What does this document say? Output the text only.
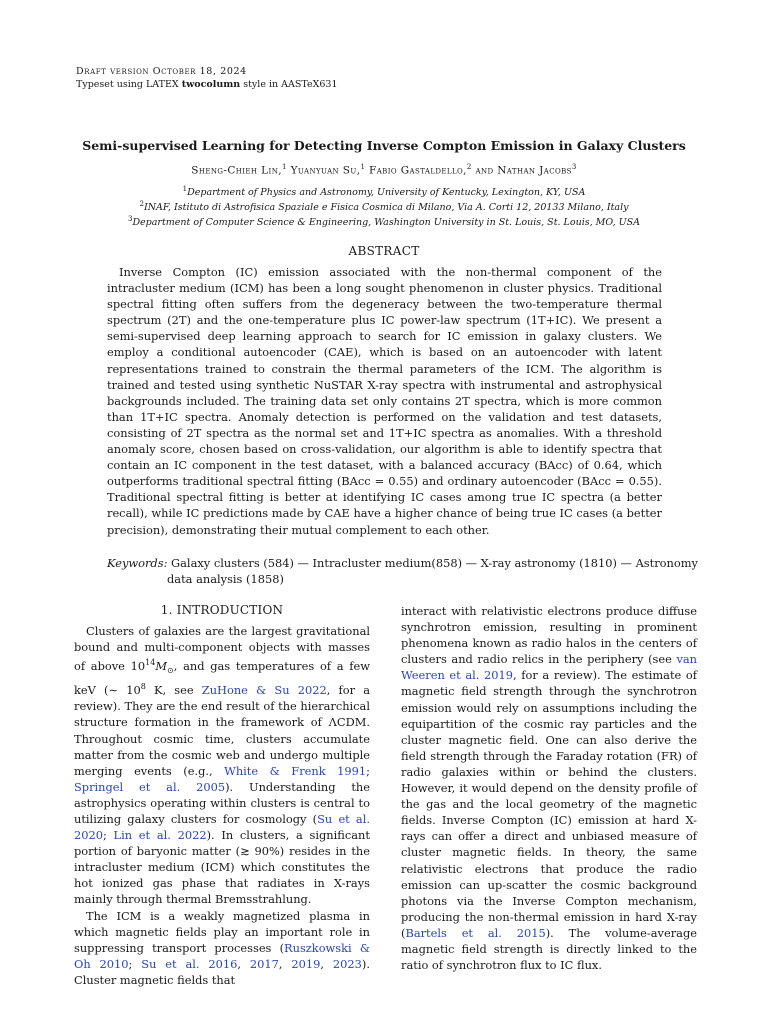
Draft version October 18, 2024
Typeset using LATEX twocolumn style in AASTeX631
Semi-supervised Learning for Detecting Inverse Compton Emission in Galaxy Clusters
Sheng-Chieh Lin,$^1$ Yuanyuan Su,$^1$ Fabio Gastaldello,$^2$ and Nathan Jacobs$^3$
$^1$Department of Physics and Astronomy, University of Kentucky, Lexington, KY, USA
$^2$INAF, Istituto di Astrofisica Spaziale e Fisica Cosmica di Milano, Via A. Corti 12, 20133 Milano, Italy
$^3$Department of Computer Science & Engineering, Washington University in St. Louis, St. Louis, MO, USA
ABSTRACT
Inverse Compton (IC) emission associated with the non-thermal component of the intracluster medium (ICM) has been a long sought phenomenon in cluster physics. Traditional spectral fitting often suffers from the degeneracy between the two-temperature thermal spectrum (2T) and the one-temperature plus IC power-law spectrum (1T+IC). We present a semi-supervised deep learning approach to search for IC emission in galaxy clusters. We employ a conditional autoencoder (CAE), which is based on an autoencoder with latent representations trained to constrain the thermal parameters of the ICM. The algorithm is trained and tested using synthetic NuSTAR X-ray spectra with instrumental and astrophysical backgrounds included. The training data set only contains 2T spectra, which is more common than 1T+IC spectra. Anomaly detection is performed on the validation and test datasets, consisting of 2T spectra as the normal set and 1T+IC spectra as anomalies. With a threshold anomaly score, chosen based on cross-validation, our algorithm is able to identify spectra that contain an IC component in the test dataset, with a balanced accuracy (BAcc) of 0.64, which outperforms traditional spectral fitting (BAcc = 0.55) and ordinary autoencoder (BAcc = 0.55). Traditional spectral fitting is better at identifying IC cases among true IC spectra (a better recall), while IC predictions made by CAE have a higher chance of being true IC cases (a better precision), demonstrating their mutual complement to each other.
Keywords: Galaxy clusters (584) — Intracluster medium(858) — X-ray astronomy (1810) — Astronomy data analysis (1858)
1. INTRODUCTION

Clusters of galaxies are the largest gravitational bound and multi-component objects with masses of above $10^{14}M_⊙$, and gas temperatures of a few keV (∼ $10^8$ K, see ZuHone & Su 2022, for a review). They are the end result of the hierarchical structure formation in the framework of ΛCDM. Throughout cosmic time, clusters accumulate matter from the cosmic web and undergo multiple merging events (e.g., White & Frenk 1991; Springel et al. 2005). Understanding the astrophysics operating within clusters is central to utilizing galaxy clusters for cosmology (Su et al. 2020; Lin et al. 2022). In clusters, a significant portion of baryonic matter (≳ 90%) resides in the intracluster medium (ICM) which constitutes the hot ionized gas phase that radiates in X-rays mainly through thermal Bremsstrahlung.

The ICM is a weakly magnetized plasma in which magnetic fields play an important role in suppressing transport processes (Ruszkowski & Oh 2010; Su et al. 2016, 2017, 2019, 2023). Cluster magnetic fields that

interact with relativistic electrons produce diffuse synchrotron emission, resulting in prominent phenomena known as radio halos in the centers of clusters and radio relics in the periphery (see van Weeren et al. 2019, for a review). The estimate of magnetic field strength through the synchrotron emission would rely on assumptions including the equipartition of the cosmic ray particles and the cluster magnetic field. One can also derive the field strength through the Faraday rotation (FR) of radio galaxies within or behind the clusters. However, it would depend on the density profile of the gas and the local geometry of the magnetic fields. Inverse Compton (IC) emission at hard X-rays can offer a direct and unbiased measure of cluster magnetic fields. In theory, the same relativistic electrons that produce the radio emission can up-scatter the cosmic background photons via the Inverse Compton mechanism, producing the non-thermal emission in hard X-ray (Bartels et al. 2015). The volume-average magnetic field strength is directly linked to the ratio of synchrotron flux to IC flux.
